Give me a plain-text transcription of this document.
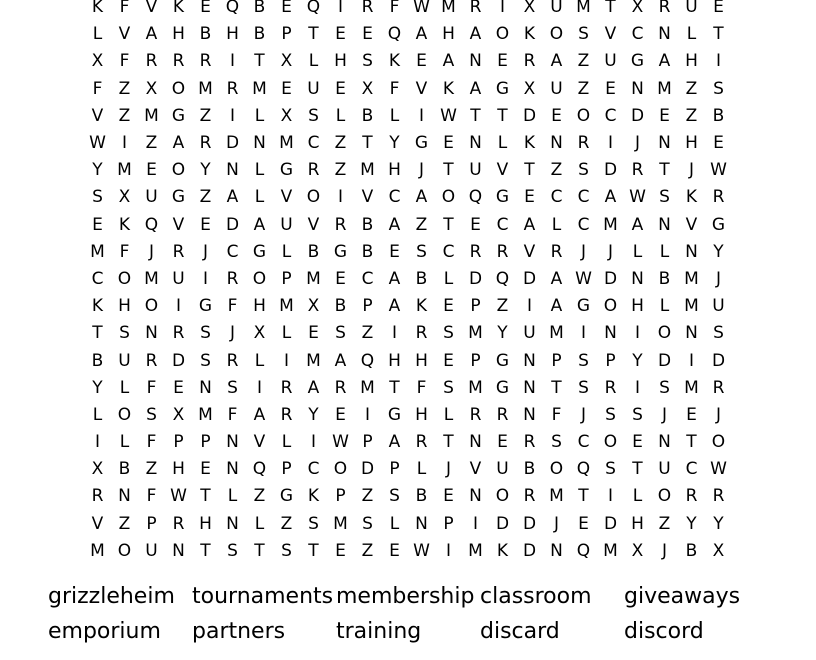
K F V K E Q B E Q	I	R F W M R	I	X U M T X R U E
L V A H B H B P T E E Q A H A O K O S V C N L	T
X F R R R	I	T X L H S K E A N E R A Z U G A H	I
F Z X O M R M E U E X F V K A G X U Z E N M Z S
V Z M G Z	I	L X S L B L	I W T T D E O C D E Z B
W I	Z A R D N M C Z T Y G E N L K N R	I	J	N H E
Y M E O Y N L G R Z M H	J	T U V T Z S D R T	J W
S X U G Z A L V O	I	V C A O Q G E C C A W S K R
E K Q V E D A U V R B A Z T E C A L C M A N V G
M F	J	R	J	C G L B G B E S C R R V R	J	J	L	L N Y
C O M U	I	R O P M E C A B L D Q D A W D N B M	J
K H O	I	G F H M X B P A K E P Z	I	A G O H L M U
T S N R S	J	X L E S Z	I	R S M Y U M	I	N	I	O N S
B U R D S R L	I	M A Q H H E P G N P S P Y D	I	D
Y	L	F E N S	I	R A R M T F S M G N T S R	I	S M R
L O S X M F A R Y E	I	G H L R R N F	J	S S	J	E	J
I	L	F P P N V L	I W P A R T N E R S C O E N T O
X B Z H E N Q P C O D P	L	J	V U B O Q S T U C W
R N F W T	L Z G K P Z S B E N O R M T	I	L O R R
V Z P R H N L Z S M S L N P	I	D D	J	E D H Z Y Y
M O U N T S T S T E Z E W I	M K D N Q M X	J	B X
grizzleheim tournaments membership classroom	giveaways
emporium	partners	training	discard	discord
